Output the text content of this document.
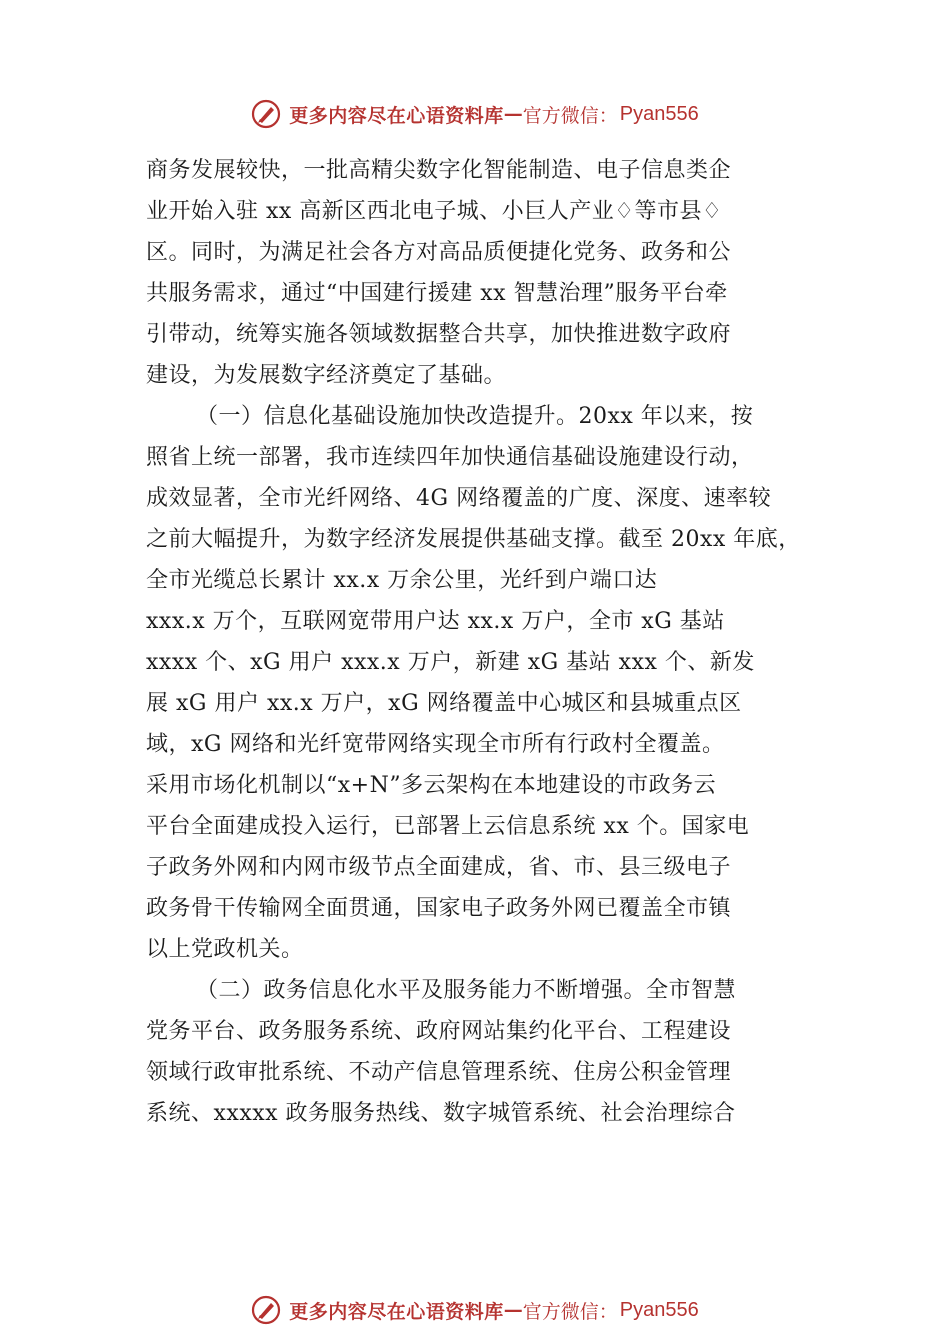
更多内容尽在心语资料库 — 官方微信： Pyan556
商务发展较快，一批高精尖数字化智能制造、电子信息类企
业开始入驻 xx 高新区西北电子城、小巨人产业♢等市县♢
区。同时，为满足社会各方对高品质便捷化党务、政务和公
共服务需求，通过“中国建行援建 xx 智慧治理”服务平台牵
引带动，统筹实施各领域数据整合共享，加快推进数字政府
建设，为发展数字经济奠定了基础。
（一）信息化基础设施加快改造提升。20xx 年以来，按
照省上统一部署，我市连续四年加快通信基础设施建设行动，
成效显著，全市光纤网络、4G 网络覆盖的广度、深度、速率较
之前大幅提升，为数字经济发展提供基础支撑。截至 20xx 年底，
全市光缆总长累计 xx.x 万余公里，光纤到户端口达
xxx.x 万个，互联网宽带用户达 xx.x 万户，全市 xG 基站
xxxx 个、xG 用户 xxx.x 万户，新建 xG 基站 xxx 个、新发
展 xG 用户 xx.x 万户，xG 网络覆盖中心城区和县城重点区
域，xG 网络和光纤宽带网络实现全市所有行政村全覆盖。
采用市场化机制以“x+N”多云架构在本地建设的市政务云
平台全面建成投入运行，已部署上云信息系统 xx 个。国家电
子政务外网和内网市级节点全面建成，省、市、县三级电子
政务骨干传输网全面贯通，国家电子政务外网已覆盖全市镇
以上党政机关。
（二）政务信息化水平及服务能力不断增强。全市智慧
党务平台、政务服务系统、政府网站集约化平台、工程建设
领域行政审批系统、不动产信息管理系统、住房公积金管理
系统、xxxxx 政务服务热线、数字城管系统、社会治理综合
更多内容尽在心语资料库 — 官方微信： Pyan556
